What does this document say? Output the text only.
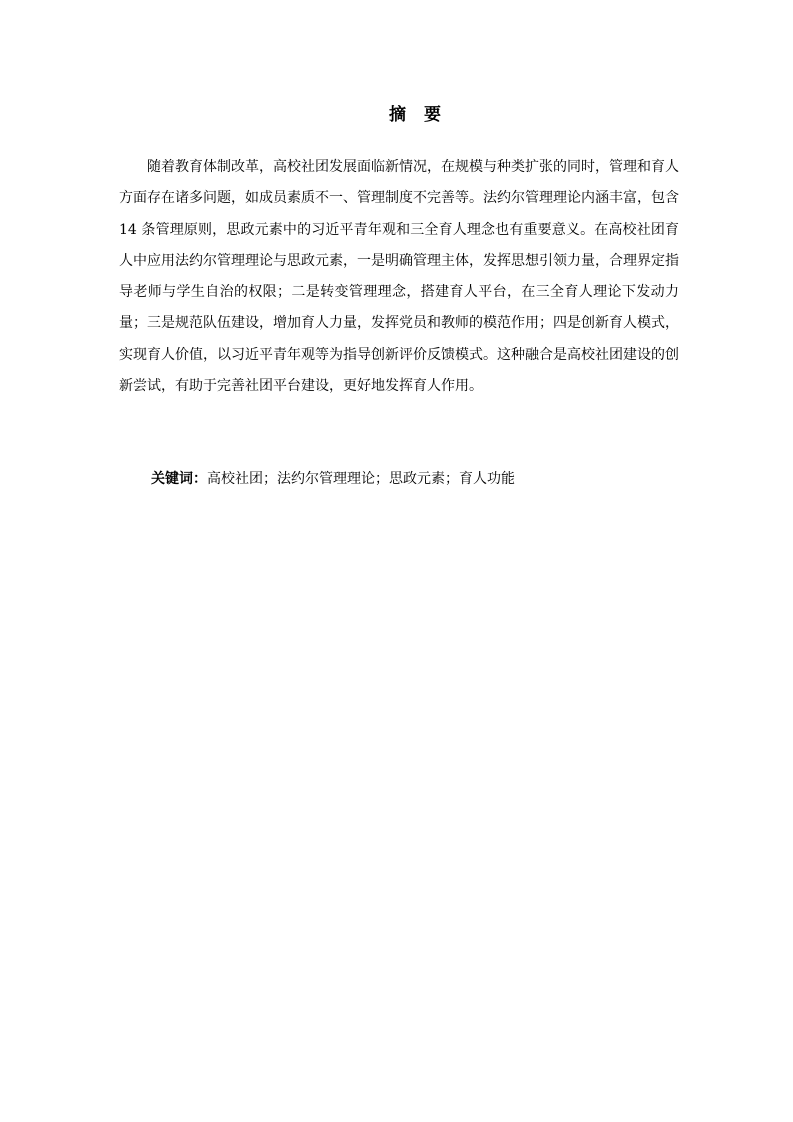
摘 要

随着教育体制改革，高校社团发展面临新情况，在规模与种类扩张的同时，管理和育人方面存在诸多问题，如成员素质不一、管理制度不完善等。法约尔管理理论内涵丰富，包含 14 条管理原则，思政元素中的习近平青年观和三全育人理念也有重要意义。在高校社团育人中应用法约尔管理理论与思政元素，一是明确管理主体，发挥思想引领力量，合理界定指导老师与学生自治的权限；二是转变管理理念，搭建育人平台，在三全育人理论下发动力量；三是规范队伍建设，增加育人力量，发挥党员和教师的模范作用；四是创新育人模式，实现育人价值，以习近平青年观等为指导创新评价反馈模式。这种融合是高校社团建设的创新尝试，有助于完善社团平台建设，更好地发挥育人作用。

关键词：高校社团；法约尔管理理论；思政元素；育人功能
